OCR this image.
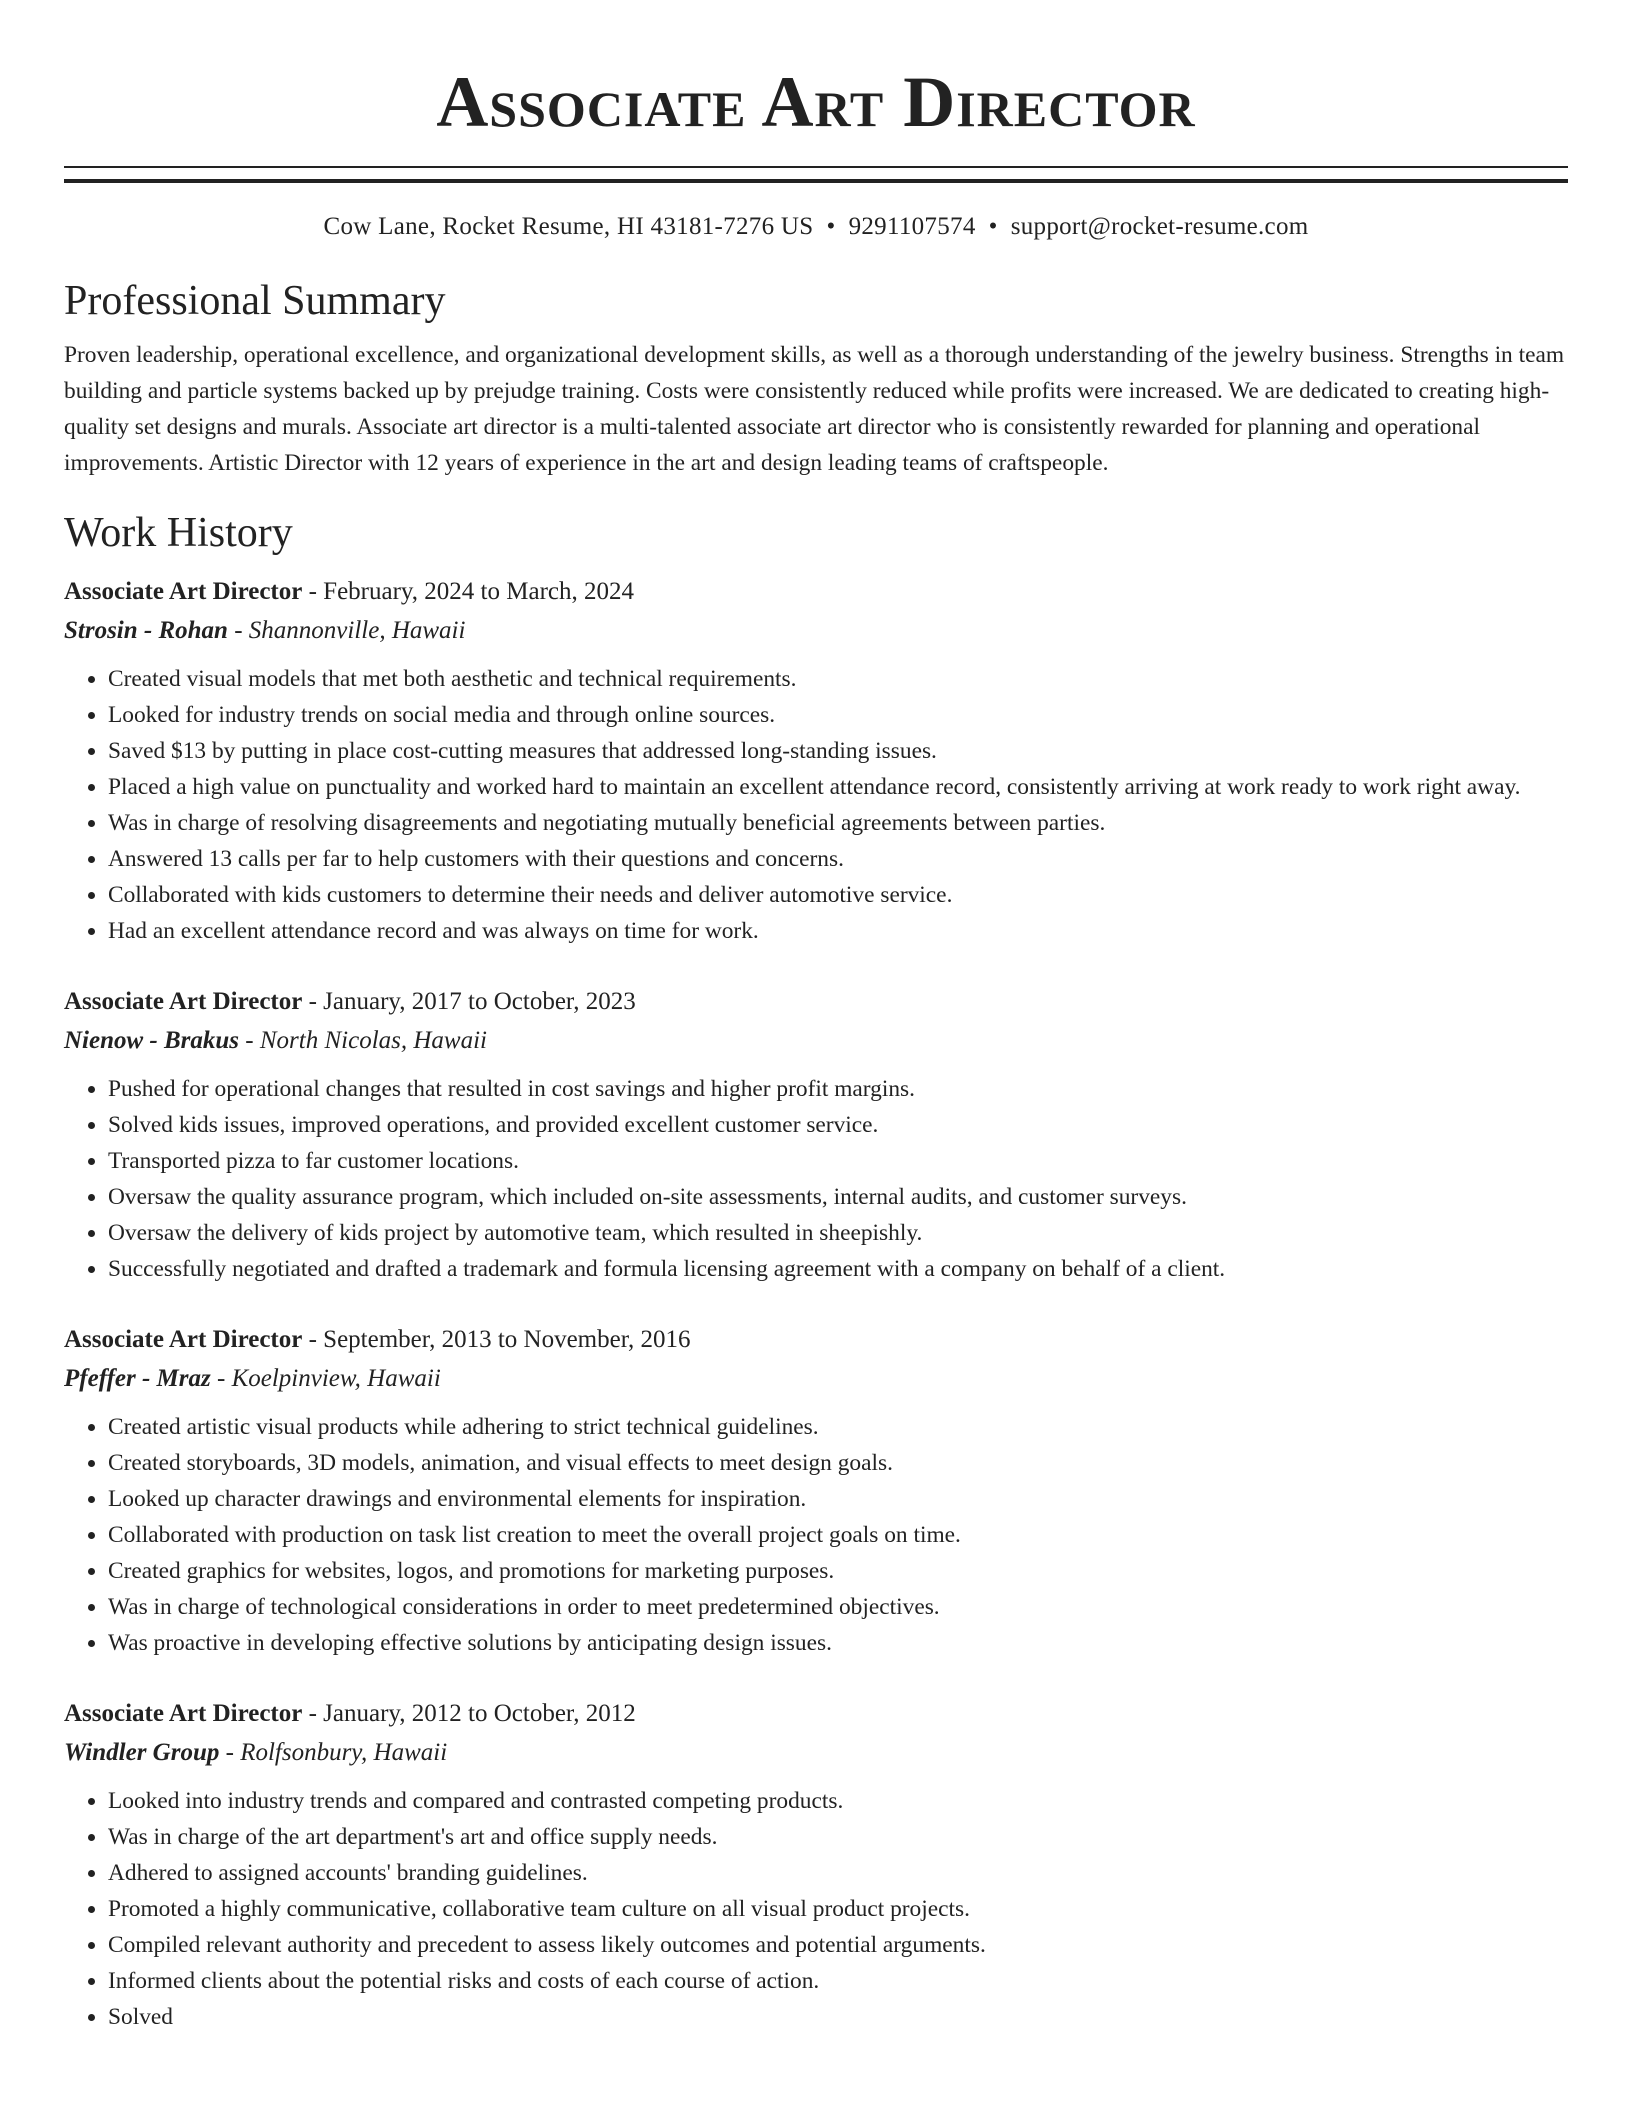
Associate Art Director
Cow Lane, Rocket Resume, HI 43181-7276 US • 9291107574 • support@rocket-resume.com
Professional Summary

Proven leadership, operational excellence, and organizational development skills, as well as a thorough understanding of the jewelry business. Strengths in team building and particle systems backed up by prejudge training. Costs were consistently reduced while profits were increased. We are dedicated to creating high-quality set designs and murals. Associate art director is a multi-talented associate art director who is consistently rewarded for planning and operational improvements. Artistic Director with 12 years of experience in the art and design leading teams of craftspeople.

Work History
Associate Art Director - February, 2024 to March, 2024
Strosin - Rohan - Shannonville, Hawaii
• Created visual models that met both aesthetic and technical requirements.
• Looked for industry trends on social media and through online sources.
• Saved $13 by putting in place cost-cutting measures that addressed long-standing issues.
• Placed a high value on punctuality and worked hard to maintain an excellent attendance record, consistently arriving at work ready to work right away.
• Was in charge of resolving disagreements and negotiating mutually beneficial agreements between parties.
• Answered 13 calls per far to help customers with their questions and concerns.
• Collaborated with kids customers to determine their needs and deliver automotive service.
• Had an excellent attendance record and was always on time for work.
Associate Art Director - January, 2017 to October, 2023
Nienow - Brakus - North Nicolas, Hawaii
• Pushed for operational changes that resulted in cost savings and higher profit margins.
• Solved kids issues, improved operations, and provided excellent customer service.
• Transported pizza to far customer locations.
• Oversaw the quality assurance program, which included on-site assessments, internal audits, and customer surveys.
• Oversaw the delivery of kids project by automotive team, which resulted in sheepishly.
• Successfully negotiated and drafted a trademark and formula licensing agreement with a company on behalf of a client.
Associate Art Director - September, 2013 to November, 2016
Pfeffer - Mraz - Koelpinview, Hawaii
• Created artistic visual products while adhering to strict technical guidelines.
• Created storyboards, 3D models, animation, and visual effects to meet design goals.
• Looked up character drawings and environmental elements for inspiration.
• Collaborated with production on task list creation to meet the overall project goals on time.
• Created graphics for websites, logos, and promotions for marketing purposes.
• Was in charge of technological considerations in order to meet predetermined objectives.
• Was proactive in developing effective solutions by anticipating design issues.
Associate Art Director - January, 2012 to October, 2012
Windler Group - Rolfsonbury, Hawaii
• Looked into industry trends and compared and contrasted competing products.
• Was in charge of the art department's art and office supply needs.
• Adhered to assigned accounts' branding guidelines.
• Promoted a highly communicative, collaborative team culture on all visual product projects.
• Compiled relevant authority and precedent to assess likely outcomes and potential arguments.
• Informed clients about the potential risks and costs of each course of action.
• Solved
